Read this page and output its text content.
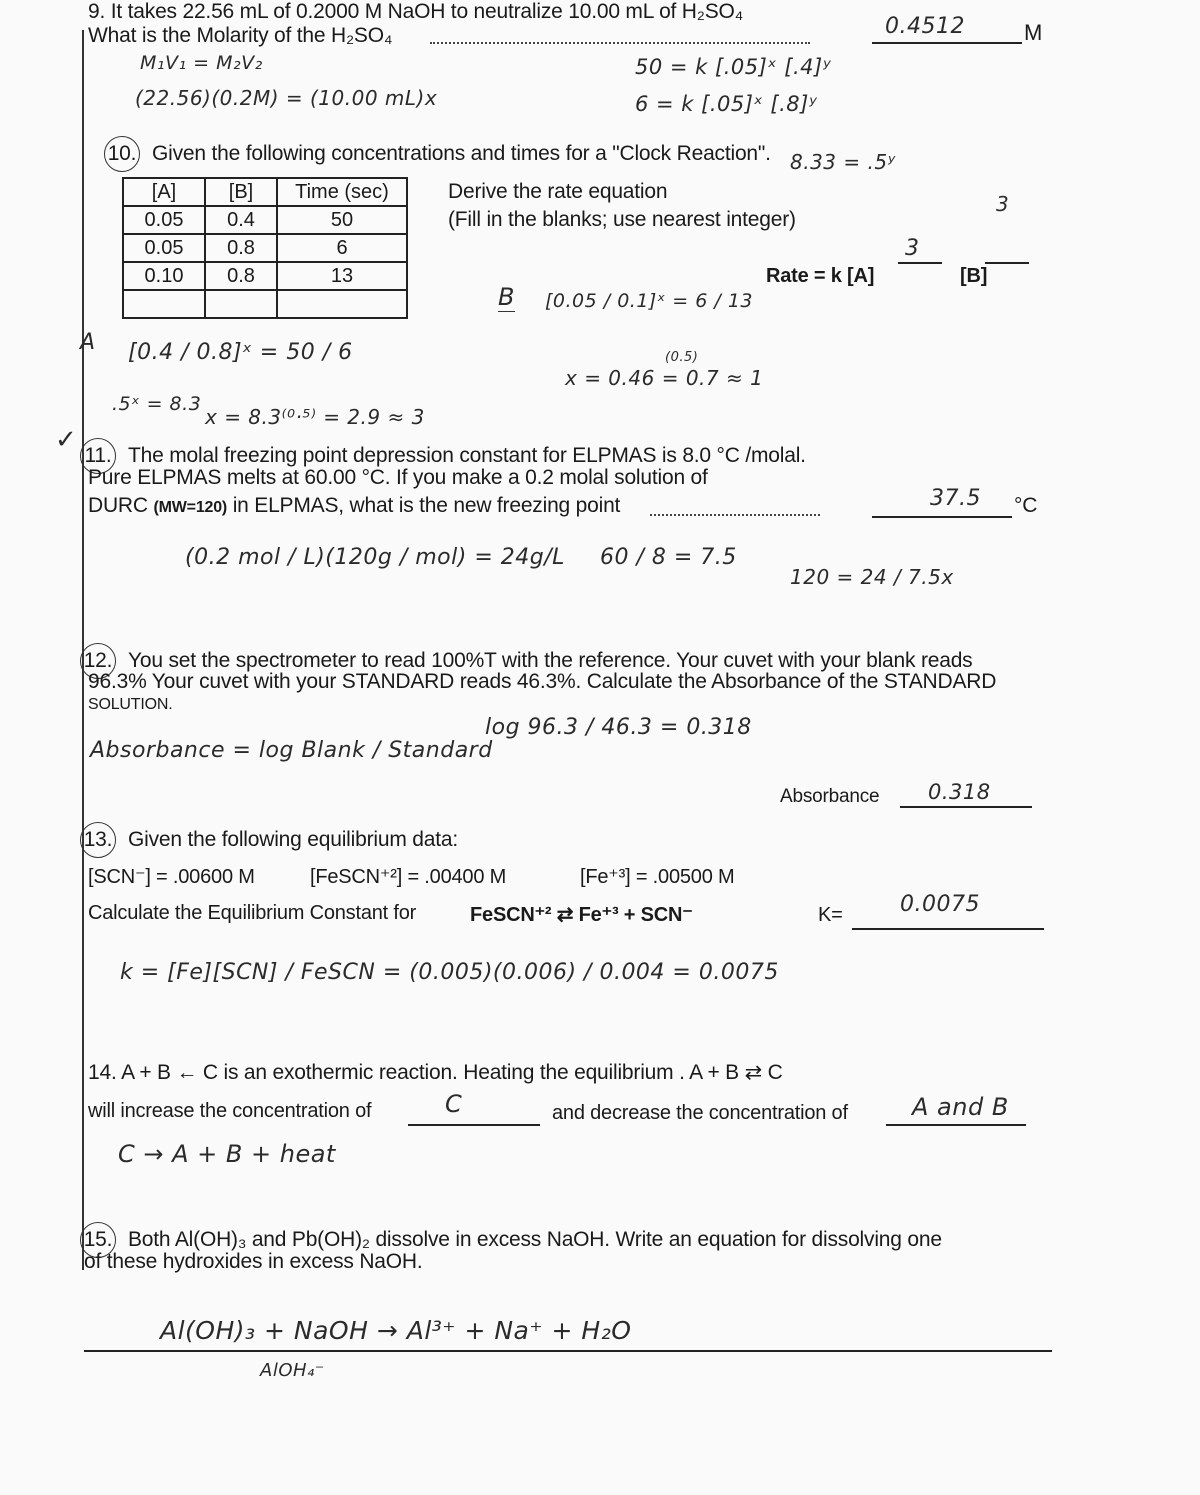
9. It takes 22.56 mL of 0.2000 M NaOH to neutralize 10.00 mL of H₂SO₄
What is the Molarity of the H₂SO₄	0.4512	M
M₁V₁ = M₂V₂
(22.56)(0.2M) = (10.00 mL)x
50 = k [.05]ˣ [.4]ʸ
6 = k [.05]ˣ [.8]ʸ
8.33 = .5ʸ
10. Given the following concentrations and times for a "Clock Reaction".
[A]	[B]	Time (sec)
0.05	0.4	50
0.05	0.8	6
0.10	0.8	13

Derive the rate equation
(Fill in the blanks; use nearest integer)
3
3
Rate = k [A]	[B]
B [0.05 / 0.1]ˣ = 6 / 13
(0.5)
x = 0.46 = 0.7 ≈ 1
A [0.4 / 0.8]ˣ = 50 / 6
.5ˣ = 8.3
x = 8.3⁽⁰·⁵⁾ = 2.9 ≈ 3
✓
11. The molal freezing point depression constant for ELPMAS is 8.0 °C /molal.
Pure ELPMAS melts at 60.00 °C. If you make a 0.2 molal solution of
DURC (MW=120) in ELPMAS, what is the new freezing point	37.5 °C
(0.2 mol / L)(120g / mol) = 24g/L 60 / 8 = 7.5
120 = 24 / 7.5x
12. You set the spectrometer to read 100%T with the reference. Your cuvet with your blank reads
96.3% Your cuvet with your STANDARD reads 46.3%. Calculate the Absorbance of the STANDARD
SOLUTION.
Absorbance = log Blank / Standard
log 96.3 / 46.3 = 0.318
Absorbance 0.318
13. Given the following equilibrium data:
[SCN⁻] = .00600 M	[FeSCN⁺²] = .00400 M	[Fe⁺³] = .00500 M
Calculate the Equilibrium Constant for	FeSCN⁺² ⇄ Fe⁺³ + SCN⁻	K=	0.0075
k = [Fe][SCN] / FeSCN = (0.005)(0.006) / 0.004 = 0.0075
14. A + B ← C is an exothermic reaction. Heating the equilibrium . A + B ⇄ C
will increase the concentration of	C	and decrease the concentration of	A and B
C → A + B + heat
15. Both Al(OH)₃ and Pb(OH)₂ dissolve in excess NaOH. Write an equation for dissolving one
of these hydroxides in excess NaOH.
Al(OH)₃ + NaOH → Al³⁺ + Na⁺ + H₂O
AlOH₄⁻
